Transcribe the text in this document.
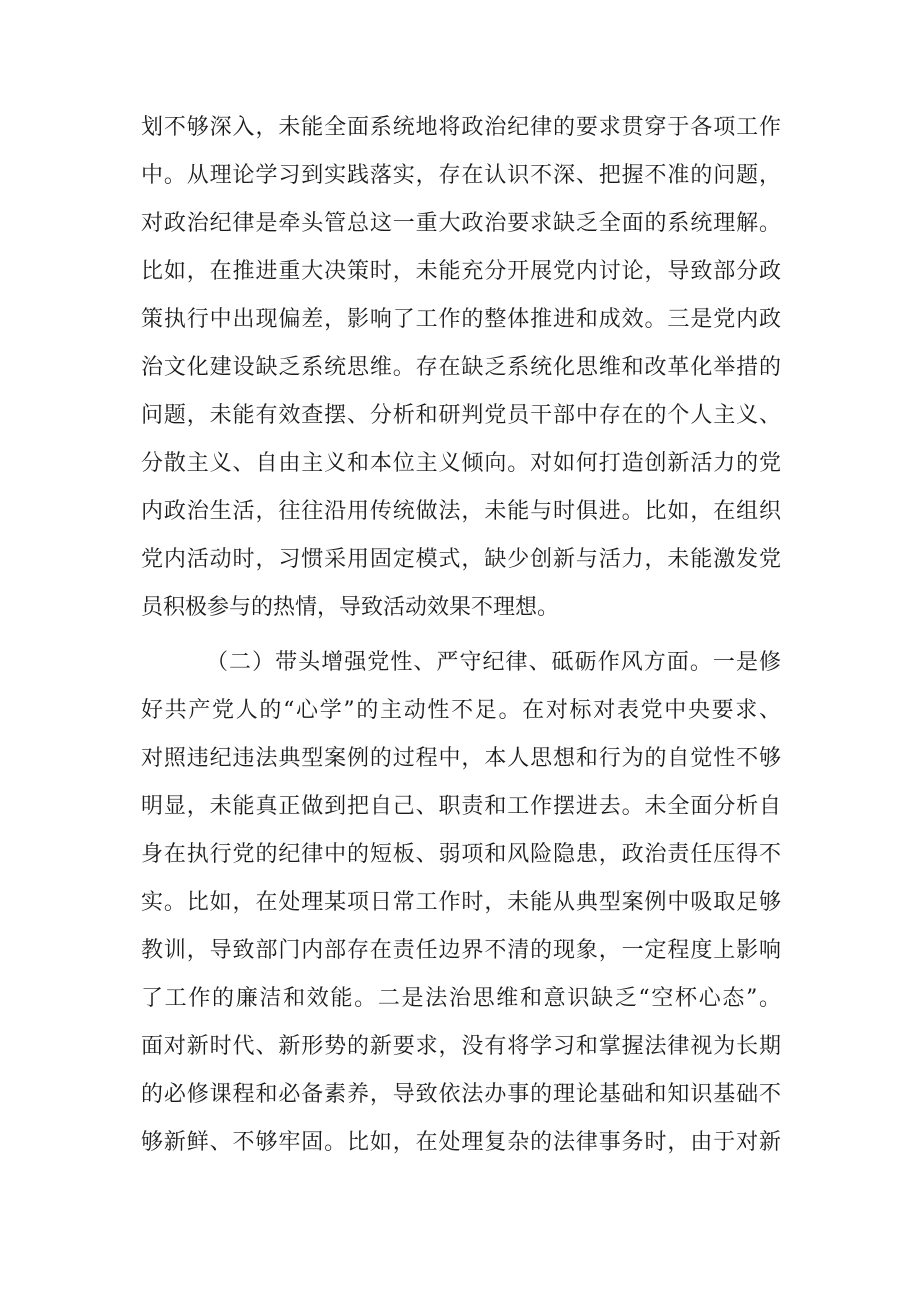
划不够深入，未能全面系统地将政治纪律的要求贯穿于各项工作
中。从理论学习到实践落实，存在认识不深、把握不准的问题，
对政治纪律是牵头管总这一重大政治要求缺乏全面的系统理解。
比如，在推进重大决策时，未能充分开展党内讨论，导致部分政
策执行中出现偏差，影响了工作的整体推进和成效。三是党内政
治文化建设缺乏系统思维。存在缺乏系统化思维和改革化举措的
问题，未能有效查摆、分析和研判党员干部中存在的个人主义、
分散主义、自由主义和本位主义倾向。对如何打造创新活力的党
内政治生活，往往沿用传统做法，未能与时俱进。比如，在组织
党内活动时，习惯采用固定模式，缺少创新与活力，未能激发党
员积极参与的热情，导致活动效果不理想。
（二）带头增强党性、严守纪律、砥砺作风方面。一是修
好共产党人的“心学”的主动性不足。在对标对表党中央要求、
对照违纪违法典型案例的过程中，本人思想和行为的自觉性不够
明显，未能真正做到把自己、职责和工作摆进去。未全面分析自
身在执行党的纪律中的短板、弱项和风险隐患，政治责任压得不
实。比如，在处理某项日常工作时，未能从典型案例中吸取足够
教训，导致部门内部存在责任边界不清的现象，一定程度上影响
了工作的廉洁和效能。二是法治思维和意识缺乏“空杯心态”。
面对新时代、新形势的新要求，没有将学习和掌握法律视为长期
的必修课程和必备素养，导致依法办事的理论基础和知识基础不
够新鲜、不够牢固。比如，在处理复杂的法律事务时，由于对新
